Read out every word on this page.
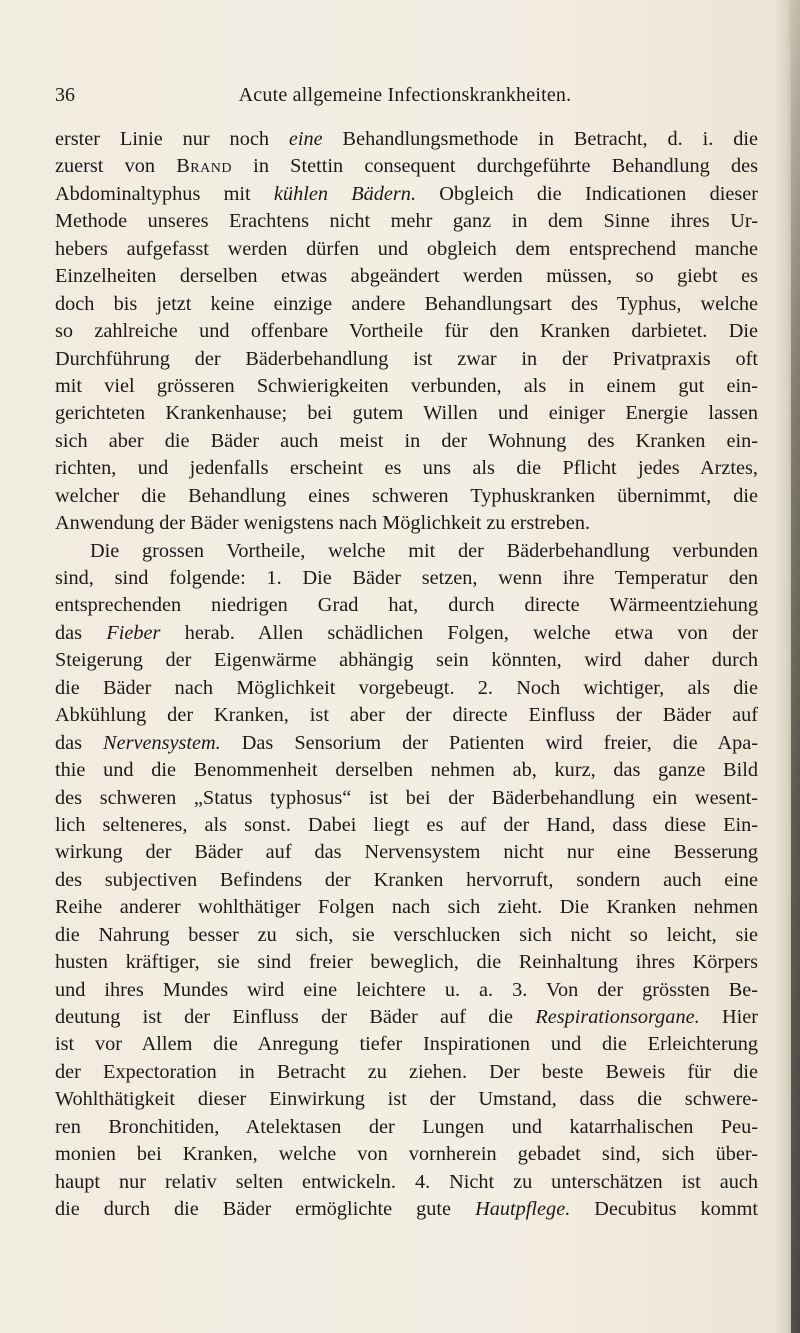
36	Acute allgemeine Infectionskrankheiten.
erster Linie nur noch eine Behandlungsmethode in Betracht, d. i. die
zuerst von Brand in Stettin consequent durchgeführte Behandlung des
Abdominaltyphus mit kühlen Bädern. Obgleich die Indicationen dieser
Methode unseres Erachtens nicht mehr ganz in dem Sinne ihres Ur-
hebers aufgefasst werden dürfen und obgleich dem entsprechend manche
Einzelheiten derselben etwas abgeändert werden müssen, so giebt es
doch bis jetzt keine einzige andere Behandlungsart des Typhus, welche
so zahlreiche und offenbare Vortheile für den Kranken darbietet. Die
Durchführung der Bäderbehandlung ist zwar in der Privatpraxis oft
mit viel grösseren Schwierigkeiten verbunden, als in einem gut ein-
gerichteten Krankenhause; bei gutem Willen und einiger Energie lassen
sich aber die Bäder auch meist in der Wohnung des Kranken ein-
richten, und jedenfalls erscheint es uns als die Pflicht jedes Arztes,
welcher die Behandlung eines schweren Typhuskranken übernimmt, die
Anwendung der Bäder wenigstens nach Möglichkeit zu erstreben.
Die grossen Vortheile, welche mit der Bäderbehandlung verbunden
sind, sind folgende: 1. Die Bäder setzen, wenn ihre Temperatur den
entsprechenden niedrigen Grad hat, durch directe Wärmeentziehung
das Fieber herab. Allen schädlichen Folgen, welche etwa von der
Steigerung der Eigenwärme abhängig sein könnten, wird daher durch
die Bäder nach Möglichkeit vorgebeugt. 2. Noch wichtiger, als die
Abkühlung der Kranken, ist aber der directe Einfluss der Bäder auf
das Nervensystem. Das Sensorium der Patienten wird freier, die Apa-
thie und die Benommenheit derselben nehmen ab, kurz, das ganze Bild
des schweren „Status typhosus“ ist bei der Bäderbehandlung ein wesent-
lich selteneres, als sonst. Dabei liegt es auf der Hand, dass diese Ein-
wirkung der Bäder auf das Nervensystem nicht nur eine Besserung
des subjectiven Befindens der Kranken hervorruft, sondern auch eine
Reihe anderer wohlthätiger Folgen nach sich zieht. Die Kranken nehmen
die Nahrung besser zu sich, sie verschlucken sich nicht so leicht, sie
husten kräftiger, sie sind freier beweglich, die Reinhaltung ihres Körpers
und ihres Mundes wird eine leichtere u. a. 3. Von der grössten Be-
deutung ist der Einfluss der Bäder auf die Respirationsorgane. Hier
ist vor Allem die Anregung tiefer Inspirationen und die Erleichterung
der Expectoration in Betracht zu ziehen. Der beste Beweis für die
Wohlthätigkeit dieser Einwirkung ist der Umstand, dass die schwere-
ren Bronchitiden, Atelektasen der Lungen und katarrhalischen Peu-
monien bei Kranken, welche von vornherein gebadet sind, sich über-
haupt nur relativ selten entwickeln. 4. Nicht zu unterschätzen ist auch
die durch die Bäder ermöglichte gute Hautpflege. Decubitus kommt
